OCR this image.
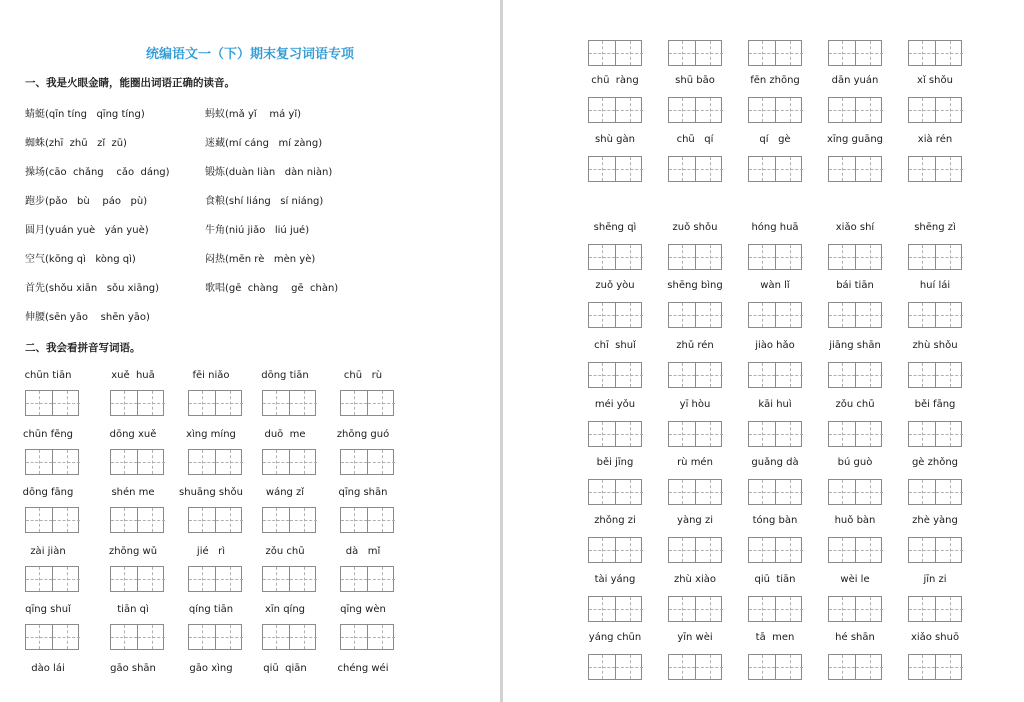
统编语文一（下）期末复习词语专项
一、我是火眼金睛，能圈出词语正确的读音。
蜻蜓(qīn tíng   qīng tíng)	蚂蚁(mǎ yǐ    má yǐ)
蜘蛛(zhī  zhū   zǐ  zū)	迷藏(mí cáng   mí zàng)
操场(cāo  chǎng    cǎo  dáng)	锻炼(duàn liàn   dàn niàn)
跑步(pǎo   bù    páo   pù)	食粮(shí liáng   sí niáng)
圆月(yuán yuè   yán yuè)	牛角(niú jiǎo   liú jué)
空气(kōng qì   kòng qì)	闷热(mēn rè   mèn yè)
首先(shǒu xiān   sǒu xiāng)	歌唱(gē  chàng    gē  chàn)
伸腰(sēn yāo    shēn yāo)
二、我会看拼音写词语。
chūn tiān	xuě  huā	fēi niǎo	dōng tiān	chū   rù
chūn fēng	dōng xuě	xìng míng	duō  me	zhōng guó
dōng fāng	shén me	shuāng shǒu	wáng zǐ	qīng shān
zài jiàn	zhōng wǔ	jié   rì	zǒu chū	dà   mǐ
qīng shuǐ	tiān qì	qíng tiān	xīn qíng	qīng wèn
dào lái	gāo shān	gāo xìng	qiū  qiān	chéng wéi
chū  ràng	shū bāo	fēn zhōng	dān yuán	xǐ shǒu
shù gàn	chū   qí	qí   gè	xīng guāng	xià rén
shēng qì	zuǒ shǒu	hóng huā	xiǎo shí	shēng zì
zuǒ yòu	shēng bìng	wàn lǐ	bái tiān	huí lái
chī  shuǐ	zhǔ rén	jiào hǎo	jiāng shān	zhù shǒu
méi yǒu	yī hòu	kāi huì	zǒu chū	běi fāng
běi jīng	rù mén	guǎng dà	bú guò	gè zhǒng
zhǒng zi	yàng zi	tóng bàn	huǒ bàn	zhè yàng
tài yáng	zhù xiào	qiū  tiān	wèi le	jīn zi
yáng chūn	yīn wèi	tā  men	hé shān	xiǎo shuō
